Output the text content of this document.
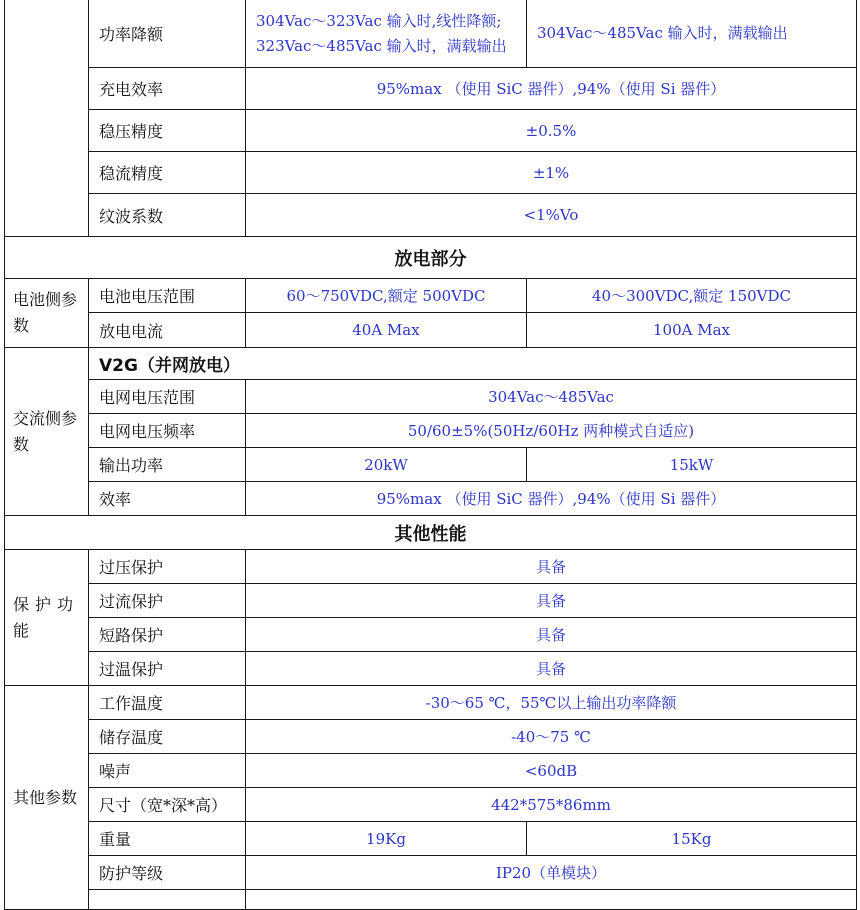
	功率降额	304Vac～323Vac 输入时,线性降额;
323Vac～485Vac 输入时，满载输出	304Vac～485Vac 输入时，满载输出
	充电效率	95%max （使用 SiC 器件）,94%（使用 Si 器件）	
	稳压精度	±0.5%	
	稳流精度	±1%	
	纹波系数	<1%Vo	
放电部分			
电池侧参数	电池电压范围	60～750VDC,额定 500VDC	40～300VDC,额定 150VDC
	放电电流	40A Max	100A Max
交流侧参数	V2G（并网放电）		
	电网电压范围	304Vac～485Vac	
	电网电压频率	50/60±5%(50Hz/60Hz 两种模式自适应)	
	输出功率	20kW	15kW
	效率	95%max （使用 SiC 器件）,94%（使用 Si 器件）	
其他性能			
保护功能	过压保护	具备	
	过流保护	具备	
	短路保护	具备	
	过温保护	具备	
其他参数	工作温度	-30～65 ℃，55℃以上输出功率降额	
	储存温度	-40～75 ℃	
	噪声	<60dB	
	尺寸（宽*深*高）	442*575*86mm	
	重量	19Kg	15Kg
	防护等级	IP20（单模块）	
